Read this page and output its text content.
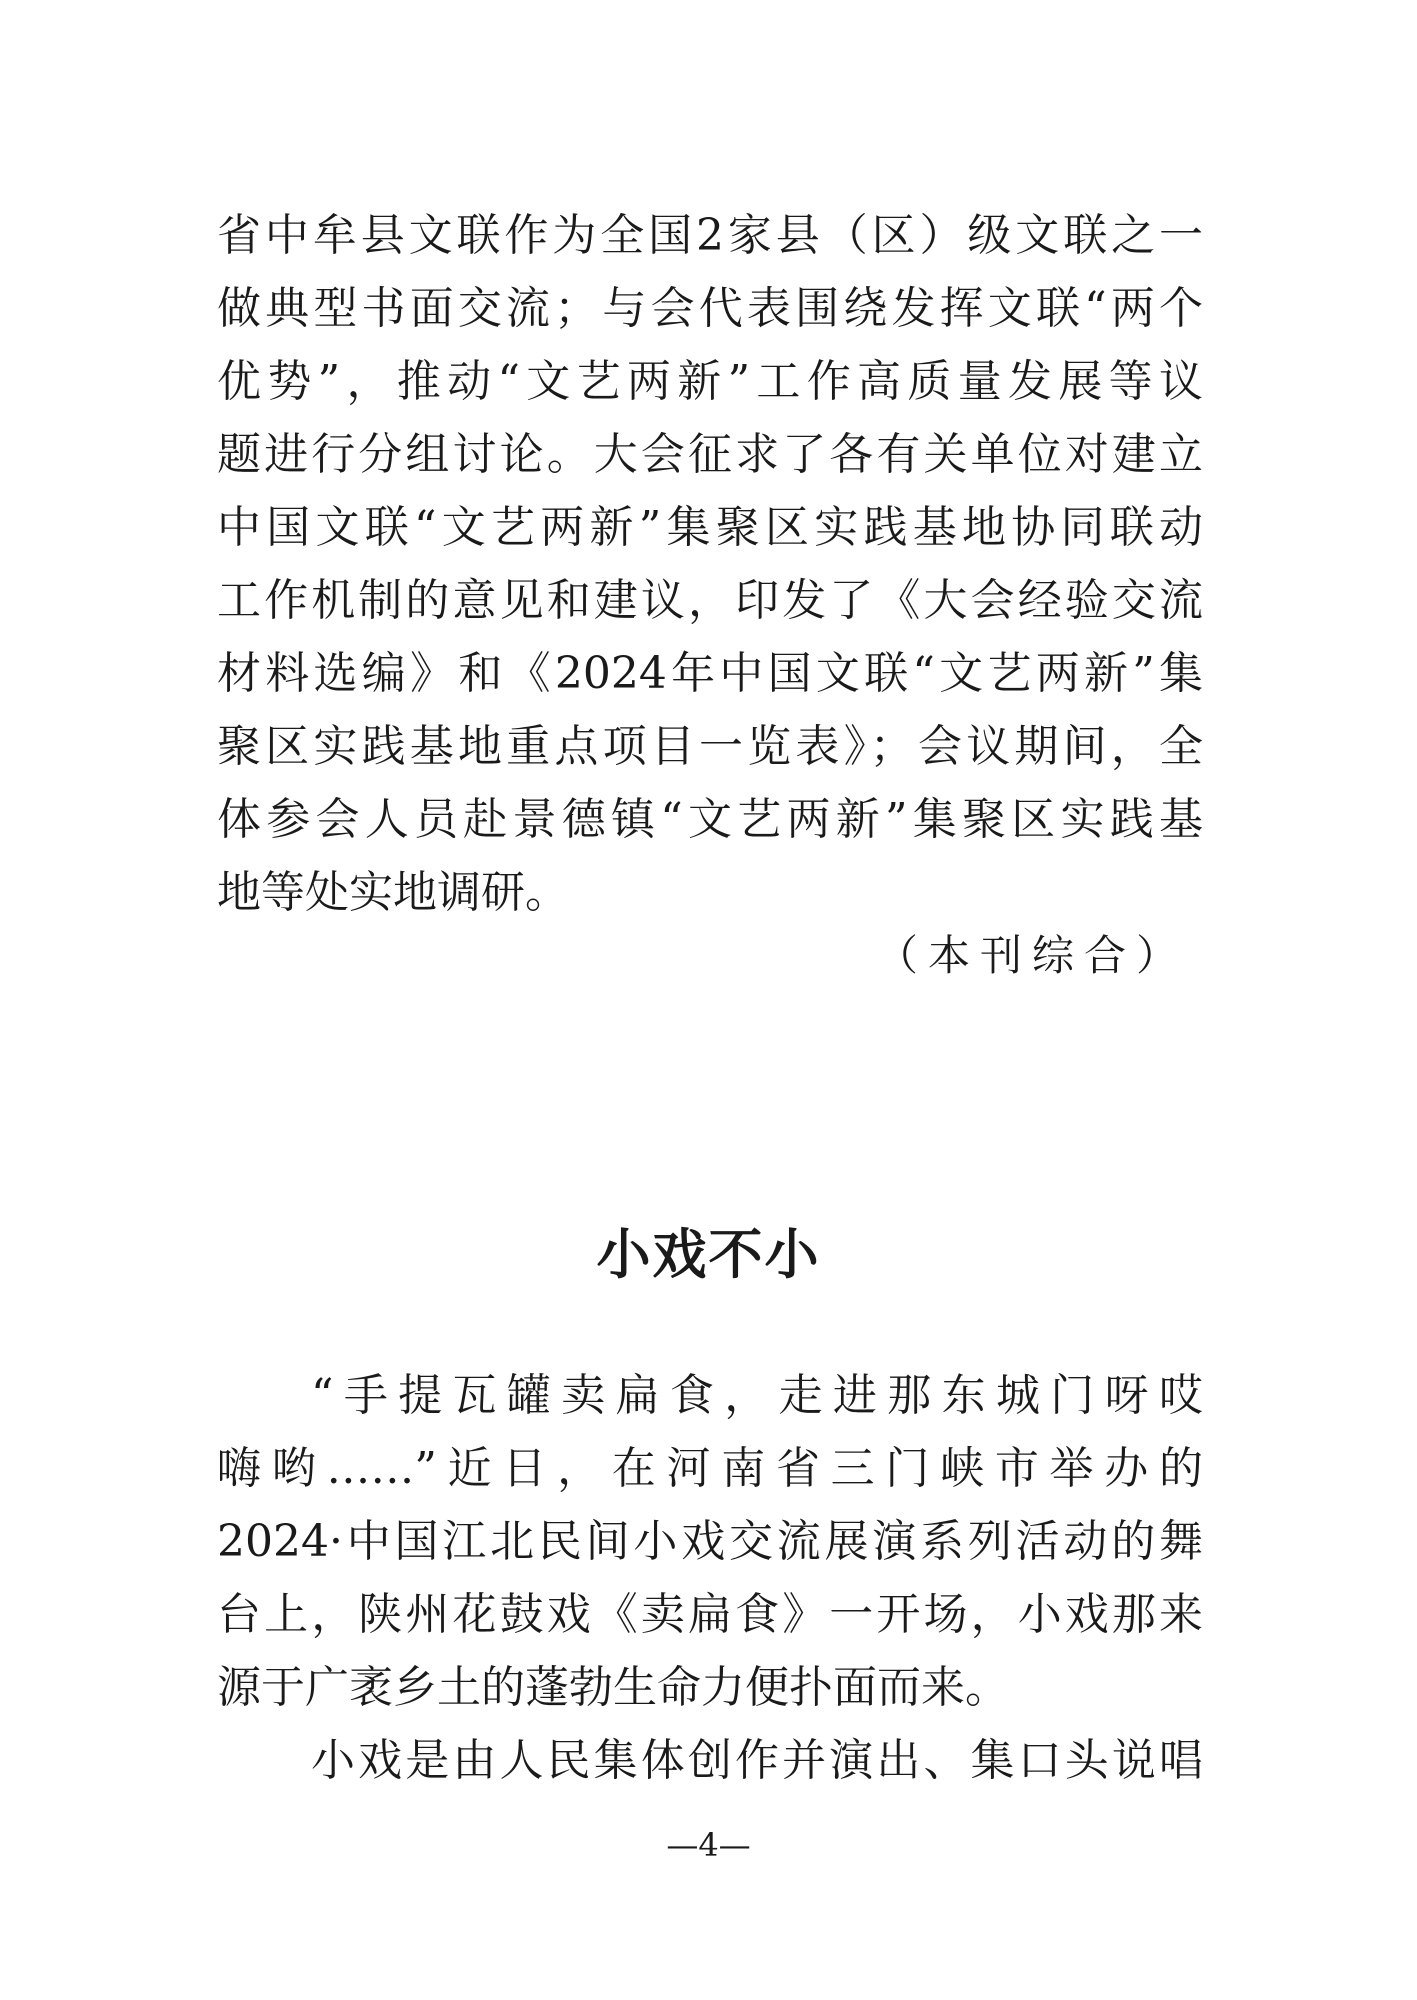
省中牟县文联作为全国2家县（区）级文联之一
做典型书面交流；与会代表围绕发挥文联“两个
优势”，推动“文艺两新”工作高质量发展等议
题进行分组讨论。大会征求了各有关单位对建立
中国文联“文艺两新”集聚区实践基地协同联动
工作机制的意见和建议，印发了《大会经验交流
材料选编》和《2024年中国文联“文艺两新”集
聚区实践基地重点项目一览表》；会议期间，全
体参会人员赴景德镇“文艺两新”集聚区实践基
地等处实地调研。
（本刊综合）
小戏不小
“手提瓦罐卖扁食，走进那东城门呀哎
嗨哟……”近日，在河南省三门峡市举办的
2024·中国江北民间小戏交流展演系列活动的舞
台上，陕州花鼓戏《卖扁食》一开场，小戏那来
源于广袤乡土的蓬勃生命力便扑面而来。
小戏是由人民集体创作并演出、集口头说唱
—4—
